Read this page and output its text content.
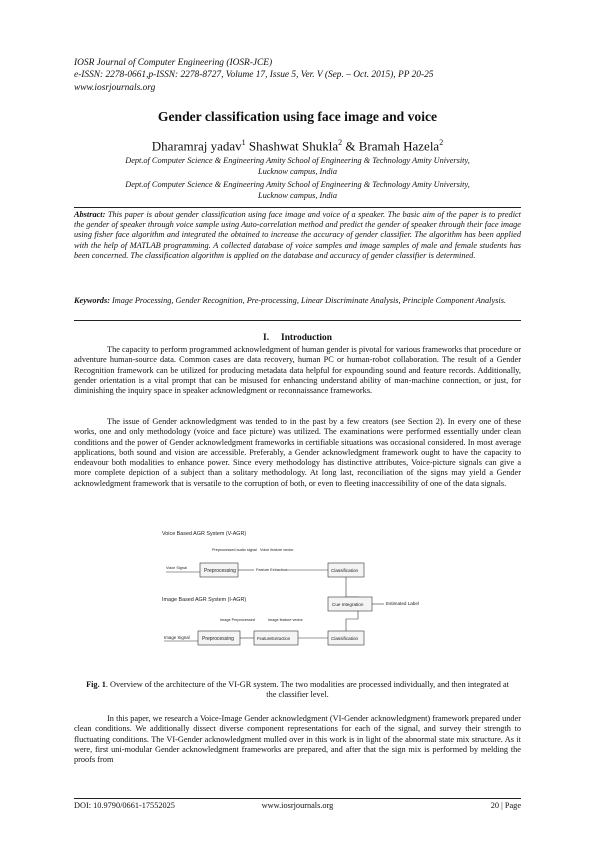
IOSR Journal of Computer Engineering (IOSR-JCE)
e-ISSN: 2278-0661,p-ISSN: 2278-8727, Volume 17, Issue 5, Ver. V (Sep. – Oct. 2015), PP 20-25
www.iosrjournals.org
Gender classification using face image and voice
Dharamraj yadav$^1$ Shashwat Shukla$^2$ & Bramah Hazela$^2$
Dept.of Computer Science & Engineering Amity School of Engineering & Technology Amity University,
Lucknow campus, India
Dept.of Computer Science & Engineering Amity School of Engineering & Technology Amity University,
Lucknow campus, India
Abstract: This paper is about gender classification using face image and voice of a speaker. The basic aim of the paper is to predict the gender of speaker through voice sample using Auto-correlation method and predict the gender of speaker through their face image using fisher face algorithm and integrated the obtained to increase the accuracy of gender classifier. The algorithm has been applied with the help of MATLAB programming. A collected database of voice samples and image samples of male and female students has been concerned. The classification algorithm is applied on the database and accuracy of gender classifier is determined.
Keywords: Image Processing, Gender Recognition, Pre-processing, Linear Discriminate Analysis, Principle Component Analysis.
I. Introduction
The capacity to perform programmed acknowledgment of human gender is pivotal for various frameworks that procedure or adventure human-source data. Common cases are data recovery, human PC or human-robot collaboration. The result of a Gender Recognition framework can be utilized for producing metadata data helpful for expounding sound and feature records. Additionally, gender orientation is a vital prompt that can be misused for enhancing understand ability of man-machine connection, or just, for diminishing the inquiry space in speaker acknowledgment or reconnaissance frameworks.
The issue of Gender acknowledgment was tended to in the past by a few creators (see Section 2). In every one of these works, one and only methodology (voice and face picture) was utilized. The examinations were performed essentially under clean conditions and the power of Gender acknowledgment frameworks in certifiable situations was occasional considered. In most average applications, both sound and vision are accessible. Preferably, a Gender acknowledgment framework ought to have the capacity to endeavour both modalities to enhance power. Since every methodology has distinctive attributes, Voice-picture signals can give a more complete depiction of a subject than a solitary methodology. At long last, reconciliation of the signs may yield a Gender acknowledgment framework that is versatile to the corruption of both, or even to fleeting inaccessibility of one of the data signals.
Voice Based AGR System (V-AGR)
Preprocessed audio signal Voice feature vector
Voice Signal	Preprocessing	Feature Extraction	Classification
Image Based AGR System (I-AGR)
Cue Integration	Estimated Label
Image Preprocessed	Image feature vector
Image Signal Preprocessing	FeatureExtraction	Classification
Fig. 1. Overview of the architecture of the VI-GR system. The two modalities are processed individually, and then integrated at the classifier level.
In this paper, we research a Voice-Image Gender acknowledgment (VI-Gender acknowledgment) framework prepared under clean conditions. We additionally dissect diverse component representations for each of the signal, and survey their strength to fluctuating conditions. The VI-Gender acknowledgment mulled over in this work is in light of the abnormal state mix structure. As it were, first uni-modular Gender acknowledgment frameworks are prepared, and after that the sign mix is performed by melding the proofs from
DOI: 10.9790/0661-17552025	www.iosrjournals.org	20 | Page
